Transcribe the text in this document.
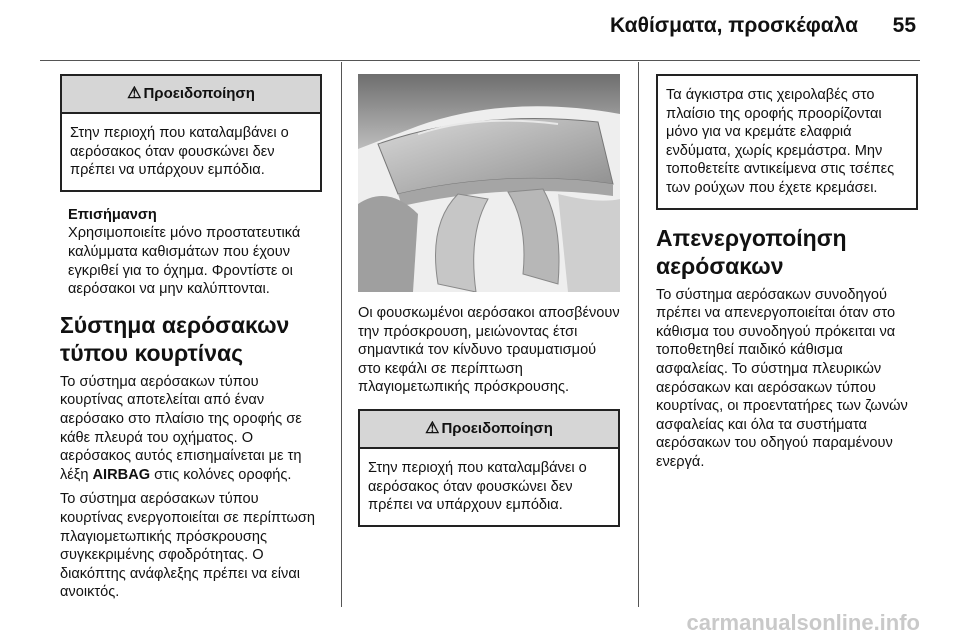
Καθίσματα, προσκέφαλα 55
⚠ Προειδοποίηση

Στην περιοχή που καταλαμβάνει ο αερόσακος όταν φουσκώνει δεν πρέπει να υπάρχουν εμπόδια.

Επισήμανση

Χρησιμοποιείτε μόνο προστατευτικά καλύμματα καθισμάτων που έχουν εγκριθεί για το όχημα. Φροντίστε οι αερόσακοι να μην καλύπτονται.

Σύστημα αερόσακων τύπου κουρτίνας

Το σύστημα αερόσακων τύπου κουρτίνας αποτελείται από έναν αερόσακο στο πλαίσιο της οροφής σε κάθε πλευρά του οχήματος. Ο αερόσακος αυτός επισημαίνεται με τη λέξη AIRBAG στις κολόνες οροφής.

Το σύστημα αερόσακων τύπου κουρτίνας ενεργοποιείται σε περίπτωση πλαγιομετωπικής πρόσκρουσης συγκεκριμένης σφοδρότητας. Ο διακόπτης ανάφλεξης πρέπει να είναι ανοικτός.

Οι φουσκωμένοι αερόσακοι αποσβένουν την πρόσκρουση, μειώνοντας έτσι σημαντικά τον κίνδυνο τραυματισμού στο κεφάλι σε περίπτωση πλαγιομετωπικής πρόσκρουσης.

⚠ Προειδοποίηση

Στην περιοχή που καταλαμβάνει ο αερόσακος όταν φουσκώνει δεν πρέπει να υπάρχουν εμπόδια.

Τα άγκιστρα στις χειρολαβές στο πλαίσιο της οροφής προορίζονται μόνο για να κρεμάτε ελαφριά ενδύματα, χωρίς κρεμάστρα. Μην τοποθετείτε αντικείμενα στις τσέπες των ρούχων που έχετε κρεμάσει.

Απενεργοποίηση αερόσακων

Το σύστημα αερόσακων συνοδηγού πρέπει να απενεργοποιείται όταν στο κάθισμα του συνοδηγού πρόκειται να τοποθετηθεί παιδικό κάθισμα ασφαλείας. Το σύστημα πλευρικών αερόσακων και αερόσακων τύπου κουρτίνας, οι προεντατήρες των ζωνών ασφαλείας και όλα τα συστήματα αερόσακων του οδηγού παραμένουν ενεργά.

carmanualsonline.info
